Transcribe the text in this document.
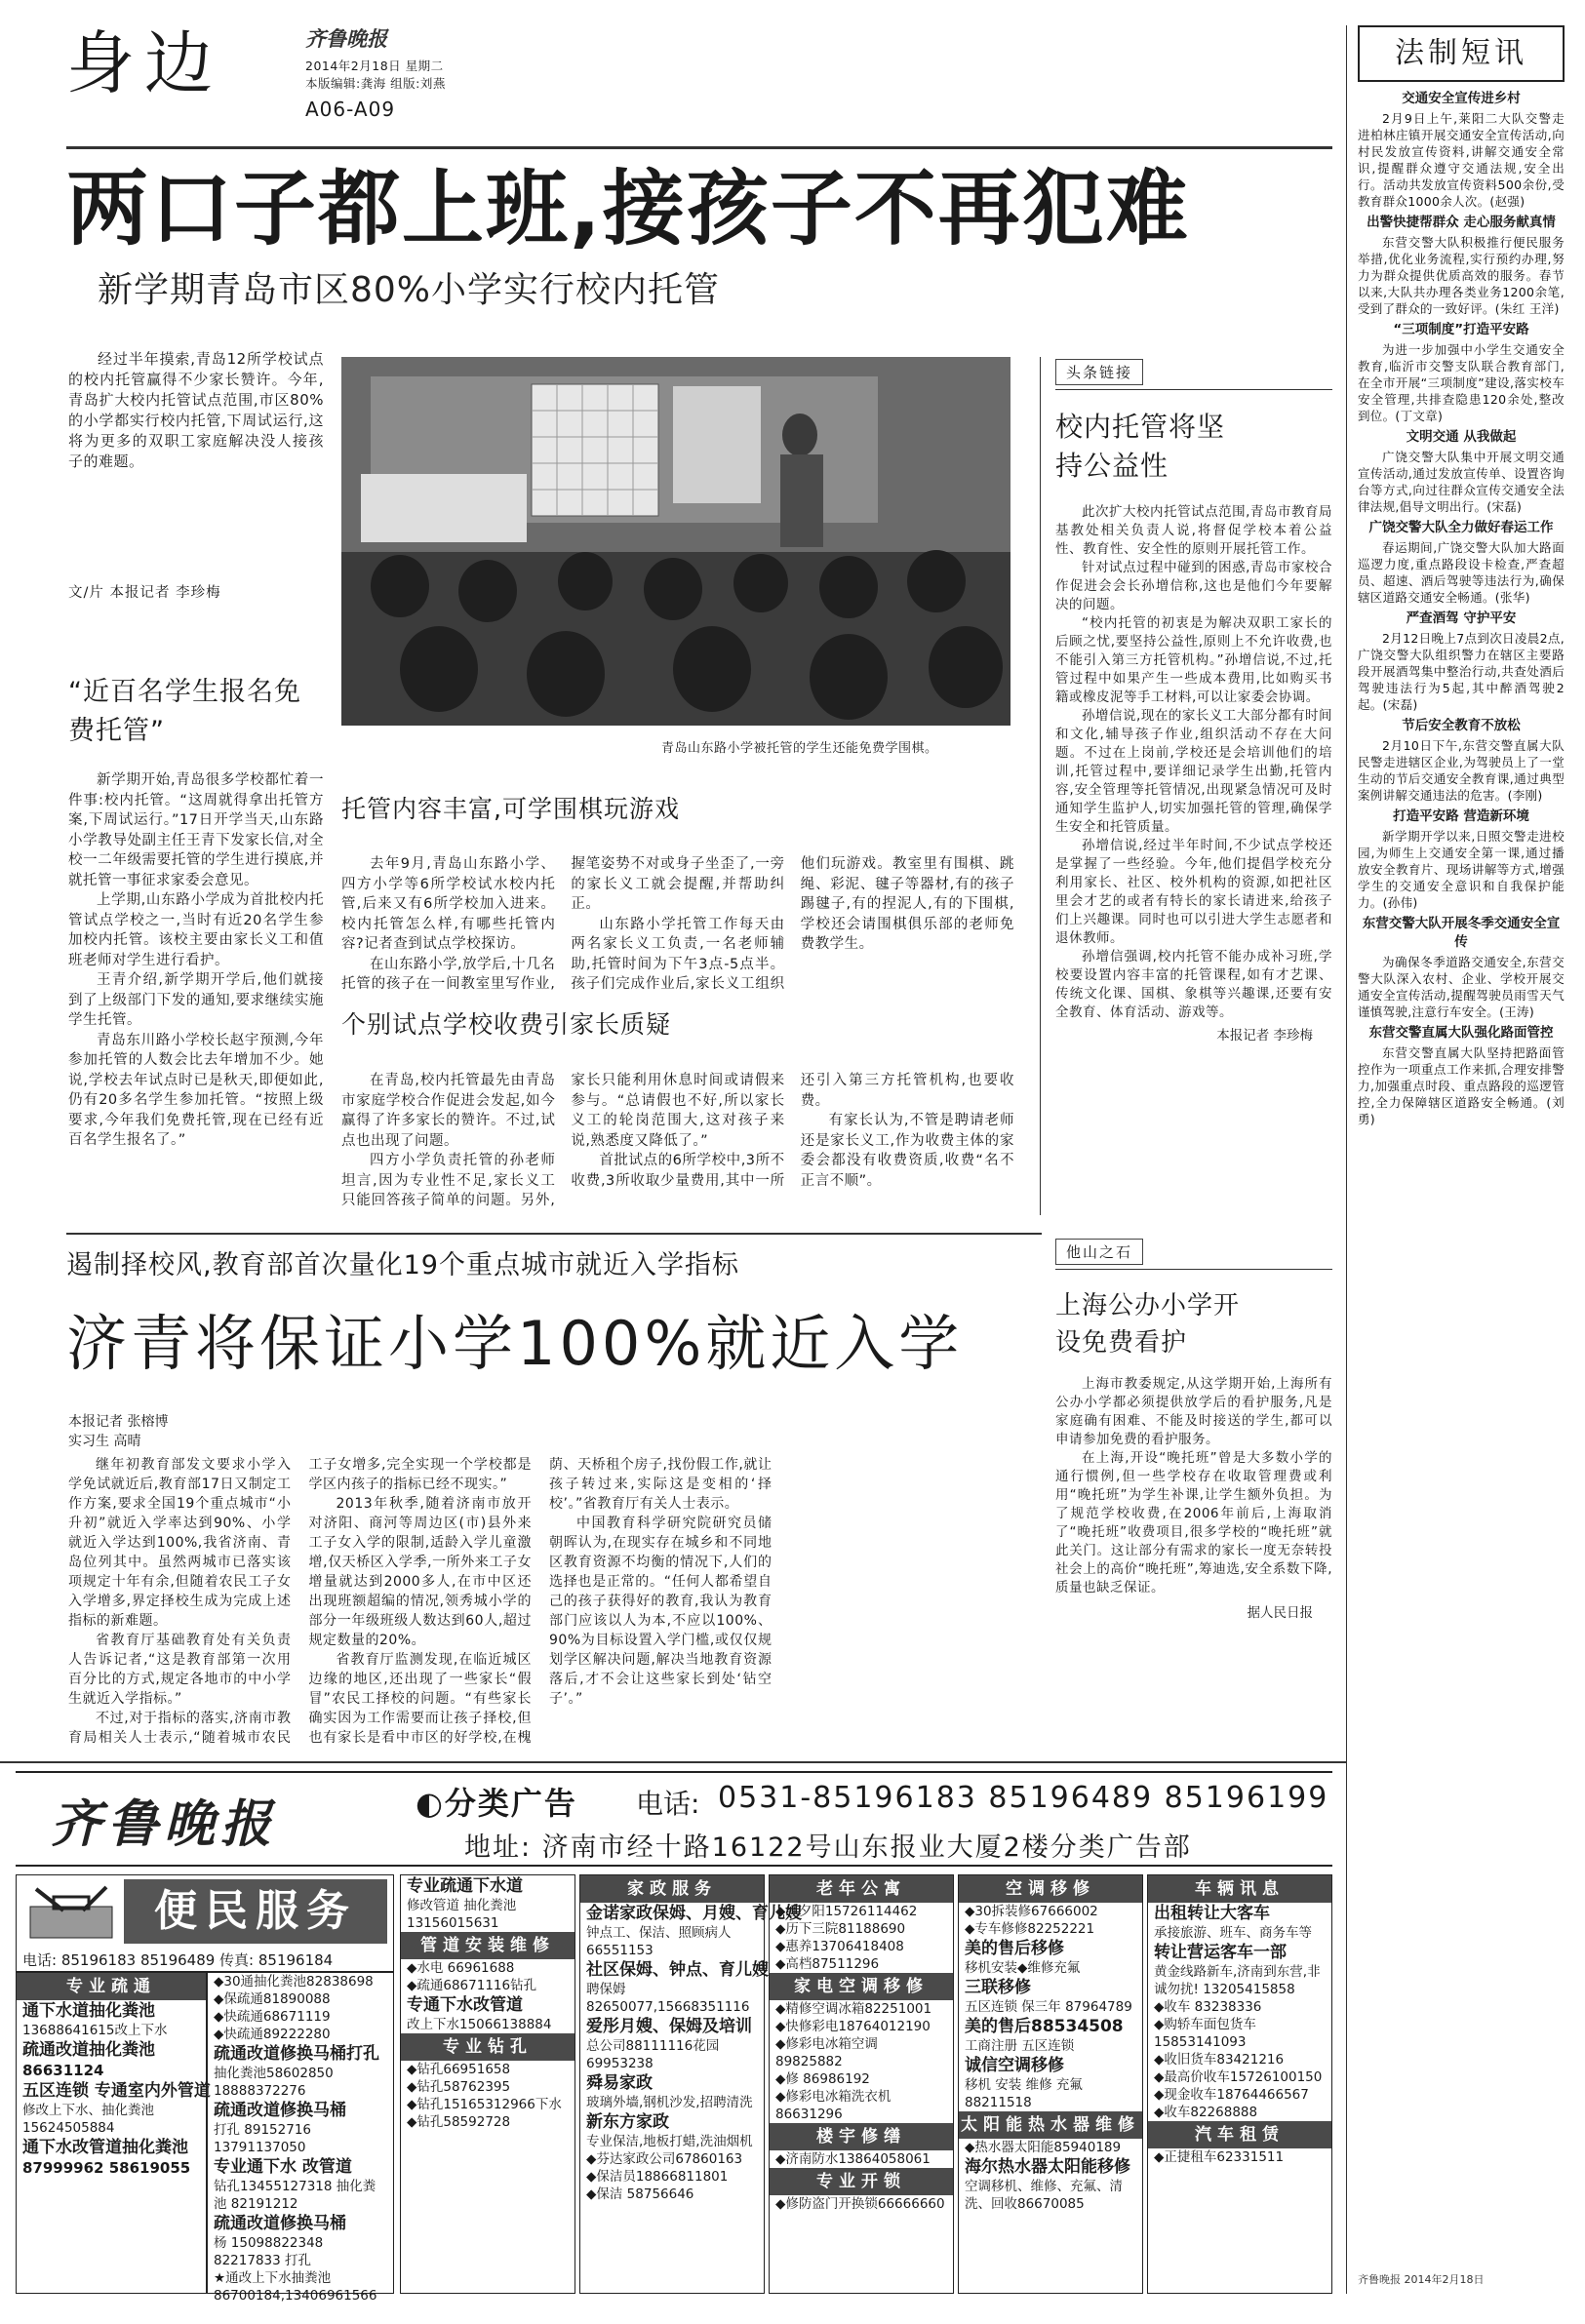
身边	齐鲁晚报
2014年2月18日 星期二
本版编辑:龚海 组版:刘燕
A06-A09
两口子都上班,接孩子不再犯难
新学期青岛市区80%小学实行校内托管

经过半年摸索,青岛12所学校试点的校内托管赢得不少家长赞许。今年,青岛扩大校内托管试点范围,市区80%的小学都实行校内托管,下周试运行,这将为更多的双职工家庭解决没人接孩子的难题。

文/片 本报记者 李珍梅
青岛山东路小学被托管的学生还能免费学围棋。
“近百名学生报名免费托管”

新学期开始,青岛很多学校都忙着一件事:校内托管。“这周就得拿出托管方案,下周试运行。”17日开学当天,山东路小学教导处副主任王青下发家长信,对全校一二年级需要托管的学生进行摸底,并就托管一事征求家委会意见。

上学期,山东路小学成为首批校内托管试点学校之一,当时有近20名学生参加校内托管。该校主要由家长义工和值班老师对学生进行看护。

王青介绍,新学期开学后,他们就接到了上级部门下发的通知,要求继续实施学生托管。

青岛东川路小学校长赵宇预测,今年参加托管的人数会比去年增加不少。她说,学校去年试点时已是秋天,即便如此,仍有20多名学生参加托管。“按照上级要求,今年我们免费托管,现在已经有近百名学生报名了。”

托管内容丰富,可学围棋玩游戏

去年9月,青岛山东路小学、四方小学等6所学校试水校内托管,后来又有6所学校加入进来。校内托管怎么样,有哪些托管内容?记者查到试点学校探访。

在山东路小学,放学后,十几名托管的孩子在一间教室里写作业,握笔姿势不对或身子坐歪了,一旁的家长义工就会提醒,并帮助纠正。

山东路小学托管工作每天由两名家长义工负责,一名老师辅助,托管时间为下午3点-5点半。孩子们完成作业后,家长义工组织他们玩游戏。教室里有围棋、跳绳、彩泥、毽子等器材,有的孩子踢毽子,有的捏泥人,有的下围棋,学校还会请围棋俱乐部的老师免费教学生。

个别试点学校收费引家长质疑

在青岛,校内托管最先由青岛市家庭学校合作促进会发起,如今赢得了许多家长的赞许。不过,试点也出现了问题。

四方小学负责托管的孙老师坦言,因为专业性不足,家长义工只能回答孩子简单的问题。另外,家长只能利用休息时间或请假来参与。“总请假也不好,所以家长义工的轮岗范围大,这对孩子来说,熟悉度又降低了。”

首批试点的6所学校中,3所不收费,3所收取少量费用,其中一所还引入第三方托管机构,也要收费。

有家长认为,不管是聘请老师还是家长义工,作为收费主体的家委会都没有收费资质,收费“名不正言不顺”。

头条链接
校内托管将坚持公益性

此次扩大校内托管试点范围,青岛市教育局基教处相关负责人说,将督促学校本着公益性、教育性、安全性的原则开展托管工作。

针对试点过程中碰到的困惑,青岛市家校合作促进会会长孙增信称,这也是他们今年要解决的问题。

“校内托管的初衷是为解决双职工家长的后顾之忧,要坚持公益性,原则上不允许收费,也不能引入第三方托管机构。”孙增信说,不过,托管过程中如果产生一些成本费用,比如购买书籍或橡皮泥等手工材料,可以让家委会协调。

孙增信说,现在的家长义工大部分都有时间和文化,辅导孩子作业,组织活动不存在大问题。不过在上岗前,学校还是会培训他们的培训,托管过程中,要详细记录学生出勤,托管内容,安全管理等托管情况,出现紧急情况可及时通知学生监护人,切实加强托管的管理,确保学生安全和托管质量。

孙增信说,经过半年时间,不少试点学校还是掌握了一些经验。今年,他们提倡学校充分利用家长、社区、校外机构的资源,如把社区里会才艺的或者有特长的家长请进来,给孩子们上兴趣课。同时也可以引进大学生志愿者和退休教师。

孙增信强调,校内托管不能办成补习班,学校要设置内容丰富的托管课程,如有才艺课、传统文化课、国棋、象棋等兴趣课,还要有安全教育、体育活动、游戏等。

本报记者 李珍梅
遏制择校风,教育部首次量化19个重点城市就近入学指标
济青将保证小学100%就近入学
本报记者 张榕博
实习生 高晴

继年初教育部发文要求小学入学免试就近后,教育部17日又制定工作方案,要求全国19个重点城市“小升初”就近入学率达到90%、小学就近入学达到100%,我省济南、青岛位列其中。虽然两城市已落实该项规定十年有余,但随着农民工子女入学增多,界定择校生成为完成上述指标的新难题。

省教育厅基础教育处有关负责人告诉记者,“这是教育部第一次用百分比的方式,规定各地市的中小学生就近入学指标。”

不过,对于指标的落实,济南市教育局相关人士表示,“随着城市农民工子女增多,完全实现一个学校都是学区内孩子的指标已经不现实。”

2013年秋季,随着济南市放开对济阳、商河等周边区(市)县外来工子女入学的限制,适龄入学儿童激增,仅天桥区入学季,一所外来工子女增量就达到2000多人,在市中区还出现班额超编的情况,领秀城小学的部分一年级班级人数达到60人,超过规定数量的20%。

省教育厅监测发现,在临近城区边缘的地区,还出现了一些家长“假冒”农民工择校的问题。“有些家长确实因为工作需要而让孩子择校,但也有家长是看中市区的好学校,在槐荫、天桥租个房子,找份假工作,就让孩子转过来,实际这是变相的‘择校’。”省教育厅有关人士表示。

中国教育科学研究院研究员储朝晖认为,在现实存在城乡和不同地区教育资源不均衡的情况下,人们的选择也是正常的。“任何人都希望自己的孩子获得好的教育,我认为教育部门应该以人为本,不应以100%、90%为目标设置入学门槛,或仅仅规划学区解决问题,解决当地教育资源落后,才不会让这些家长到处‘钻空子’。”

他山之石
上海公办小学开设免费看护

上海市教委规定,从这学期开始,上海所有公办小学都必须提供放学后的看护服务,凡是家庭确有困难、不能及时接送的学生,都可以申请参加免费的看护服务。

在上海,开设“晚托班”曾是大多数小学的通行惯例,但一些学校存在收取管理费或利用“晚托班”为学生补课,让学生额外负担。为了规范学校收费,在2006年前后,上海取消了“晚托班”收费项目,很多学校的“晚托班”就此关门。这让部分有需求的家长一度无奈转投社会上的高价“晚托班”,筹迪选,安全系数下降,质量也缺乏保证。

据人民日报
法制短讯
交通安全宣传进乡村
2月9日上午,莱阳二大队交警走进柏林庄镇开展交通安全宣传活动,向村民发放宣传资料,讲解交通安全常识,提醒群众遵守交通法规,安全出行。活动共发放宣传资料500余份,受教育群众1000余人次。(赵强)
出警快捷帮群众 走心服务献真情
东营交警大队积极推行便民服务举措,优化业务流程,实行预约办理,努力为群众提供优质高效的服务。春节以来,大队共办理各类业务1200余笔,受到了群众的一致好评。(朱红 王洋)
“三项制度”打造平安路
为进一步加强中小学生交通安全教育,临沂市交警支队联合教育部门,在全市开展“三项制度”建设,落实校车安全管理,共排查隐患120余处,整改到位。(丁文章)
文明交通 从我做起
广饶交警大队集中开展文明交通宣传活动,通过发放宣传单、设置咨询台等方式,向过往群众宣传交通安全法律法规,倡导文明出行。(宋磊)
广饶交警大队全力做好春运工作
春运期间,广饶交警大队加大路面巡逻力度,重点路段设卡检查,严查超员、超速、酒后驾驶等违法行为,确保辖区道路交通安全畅通。(张华)
严查酒驾 守护平安
2月12日晚上7点到次日凌晨2点,广饶交警大队组织警力在辖区主要路段开展酒驾集中整治行动,共查处酒后驾驶违法行为5起,其中醉酒驾驶2起。(宋磊)
节后安全教育不放松
2月10日下午,东营交警直属大队民警走进辖区企业,为驾驶员上了一堂生动的节后交通安全教育课,通过典型案例讲解交通违法的危害。(李刚)
打造平安路 营造新环境
新学期开学以来,日照交警走进校园,为师生上交通安全第一课,通过播放安全教育片、现场讲解等方式,增强学生的交通安全意识和自我保护能力。(孙伟)
东营交警大队开展冬季交通安全宣传
为确保冬季道路交通安全,东营交警大队深入农村、企业、学校开展交通安全宣传活动,提醒驾驶员雨雪天气谨慎驾驶,注意行车安全。(王涛)
东营交警直属大队强化路面管控
东营交警直属大队坚持把路面管控作为一项重点工作来抓,合理安排警力,加强重点时段、重点路段的巡逻管控,全力保障辖区道路安全畅通。(刘勇)
齐鲁晚报 2014年2月18日
齐鲁晚报	◐分类广告 电话: 0531-85196183 85196489 85196199
地址: 济南市经十路16122号山东报业大厦2楼分类广告部
便民服务
电话: 85196183 85196489 传真: 85196184
专业疏通
通下水道抽化粪池
13688641615改上下水
疏通改道抽化粪池
86631124
五区连锁 专通室内外管道
修改上下水、抽化粪池 15624505884
通下水改管道抽化粪池
87999962 58619055
◆30通抽化粪池82838698
◆保疏通81890088
◆快疏通68671119
◆快疏通89222280
疏通改道修换马桶打孔
抽化粪池58602850 18888372276
疏通改道修换马桶
打孔 89152716 13791137050
专业通下水 改管道
钻孔13455127318 抽化粪池 82191212
疏通改道修换马桶
杨 15098822348 82217833 打孔
★通改上下水抽粪池 86700184,13406961566
专业疏通下水道
修改管道 抽化粪池13156015631
管道安装维修
◆水电 66961688
◆疏通68671116钻孔
专通下水改管道
改上下水15066138884
专业钻孔
◆钻孔66951658
◆钻孔58762395
◆钻孔15165312966下水
◆钻孔58592728
家政服务
金诺家政保姆、月嫂、育儿嫂
钟点工、保洁、照顾病人66551153
社区保姆、钟点、育儿嫂
聘保姆82650077,15668351116
爱彤月嫂、保姆及培训
总公司88111116花园69953238
舜易家政
玻璃外墙,钢机沙发,招聘清洗
新东方家政
专业保洁,地板打蜡,洗油烟机
◆芬达家政公司67860163
◆保洁员18866811801
◆保洁 58756646
老年公寓
◆红夕阳15726114462
◆历下三院81188690
◆惠养13706418408
◆高档87511296
家电空调移修
◆精修空调冰箱82251001
◆快修彩电18764012190
◆修彩电冰箱空调 89825882
◆修 86986192
◆修彩电冰箱洗衣机 86631296
楼宇修缮
◆济南防水13864058061
专业开锁
◆修防盗门开换锁66666660
空调移修
◆30拆装修67666002
◆专车修修82252221
美的售后移修
移机安装◆维修充氟
三联移修
五区连锁 保三年 87964789
美的售后88534508
工商注册 五区连锁
诚信空调移修
移机 安装 维修 充氟 88211518
太阳能热水器维修
◆热水器太阳能85940189
海尔热水器太阳能移修
空调移机、维修、充氟、清洗、回收86670085
车辆讯息
出租转让大客车
承接旅游、班车、商务车等
转让营运客车一部
黄金线路新车,济南到东营,非诚勿扰! 13205415858
◆收车 83238336
◆购轿车面包货车 15853141093
◆收旧货车83421216
◆最高价收车15726100150
◆现金收车18764466567
◆收车82268888
汽车租赁
◆正捷租车62331511
